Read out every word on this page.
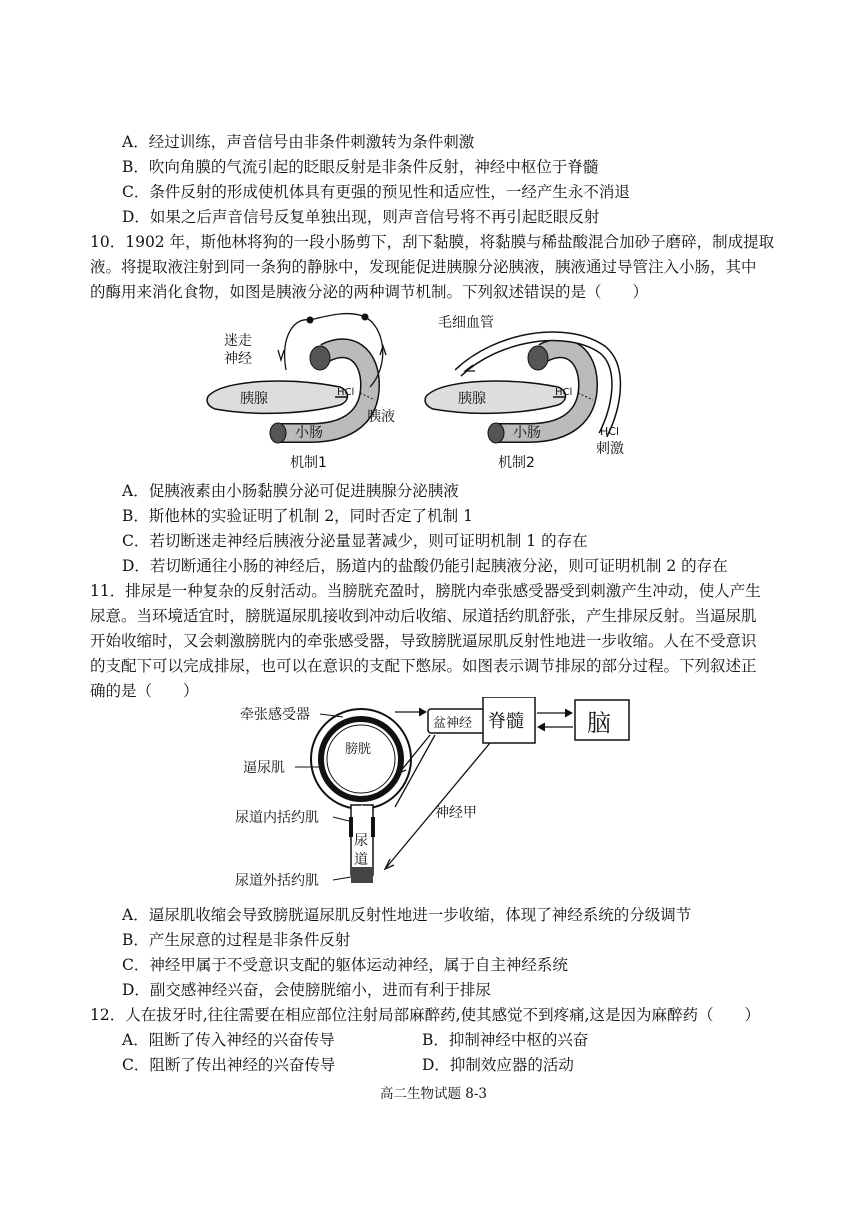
A．经过训练，声音信号由非条件刺激转为条件刺激
B．吹向角膜的气流引起的眨眼反射是非条件反射，神经中枢位于脊髓
C．条件反射的形成使机体具有更强的预见性和适应性，一经产生永不消退
D．如果之后声音信号反复单独出现，则声音信号将不再引起眨眼反射
10．1902 年，斯他林将狗的一段小肠剪下，刮下黏膜，将黏膜与稀盐酸混合加砂子磨碎，制成提取
液。将提取液注射到同一条狗的静脉中，发现能促进胰腺分泌胰液，胰液通过导管注入小肠，其中
的酶用来消化食物，如图是胰液分泌的两种调节机制。下列叙述错误的是（　　）
迷走
神经
胰腺	HCl
胰液
小肠
机制1
毛细血管
胰腺	HCl
HCl
刺激
小肠
机制2
A．促胰液素由小肠黏膜分泌可促进胰腺分泌胰液
B．斯他林的实验证明了机制 2，同时否定了机制 1
C．若切断迷走神经后胰液分泌量显著减少，则可证明机制 1 的存在
D．若切断通往小肠的神经后，肠道内的盐酸仍能引起胰液分泌，则可证明机制 2 的存在
11．排尿是一种复杂的反射活动。当膀胱充盈时，膀胱内牵张感受器受到刺激产生冲动，使人产生
尿意。当环境适宜时，膀胱逼尿肌接收到冲动后收缩、尿道括约肌舒张，产生排尿反射。当逼尿肌
开始收缩时，又会刺激膀胱内的牵张感受器，导致膀胱逼尿肌反射性地进一步收缩。人在不受意识
的支配下可以完成排尿，也可以在意识的支配下憋尿。如图表示调节排尿的部分过程。下列叙述正
确的是（　　）
膀胱
尿
道
牵张感受器
逼尿肌
尿道内括约肌
尿道外括约肌
盆神经 脊髓	脑
神经甲
A．逼尿肌收缩会导致膀胱逼尿肌反射性地进一步收缩，体现了神经系统的分级调节
B．产生尿意的过程是非条件反射
C．神经甲属于不受意识支配的躯体运动神经，属于自主神经系统
D．副交感神经兴奋，会使膀胱缩小，进而有利于排尿
12．人在拔牙时,往往需要在相应部位注射局部麻醉药,使其感觉不到疼痛,这是因为麻醉药（　　）
A．阻断了传入神经的兴奋传导	B．抑制神经中枢的兴奋
C．阻断了传出神经的兴奋传导	D．抑制效应器的活动
高二生物试题 8-3
